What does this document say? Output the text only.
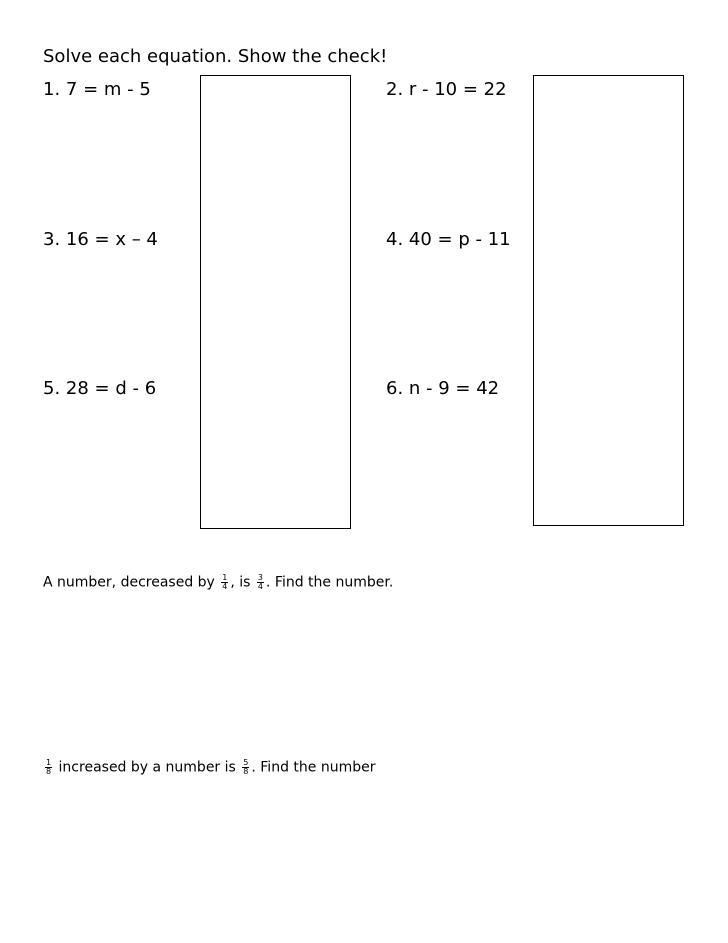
Solve each equation. Show the check!
1. 7 = m - 5	2. r - 10 = 22
3. 16 = x – 4	4. 40 = p - 11
5. 28 = d - 6	6. n - 9 = 42
A number, decreased by $\frac{1}{4}$ , is $\frac{3}{4}$ . Find the number.
$\frac{1}{8}$ increased by a number is $\frac{5}{8}$ . Find the number
